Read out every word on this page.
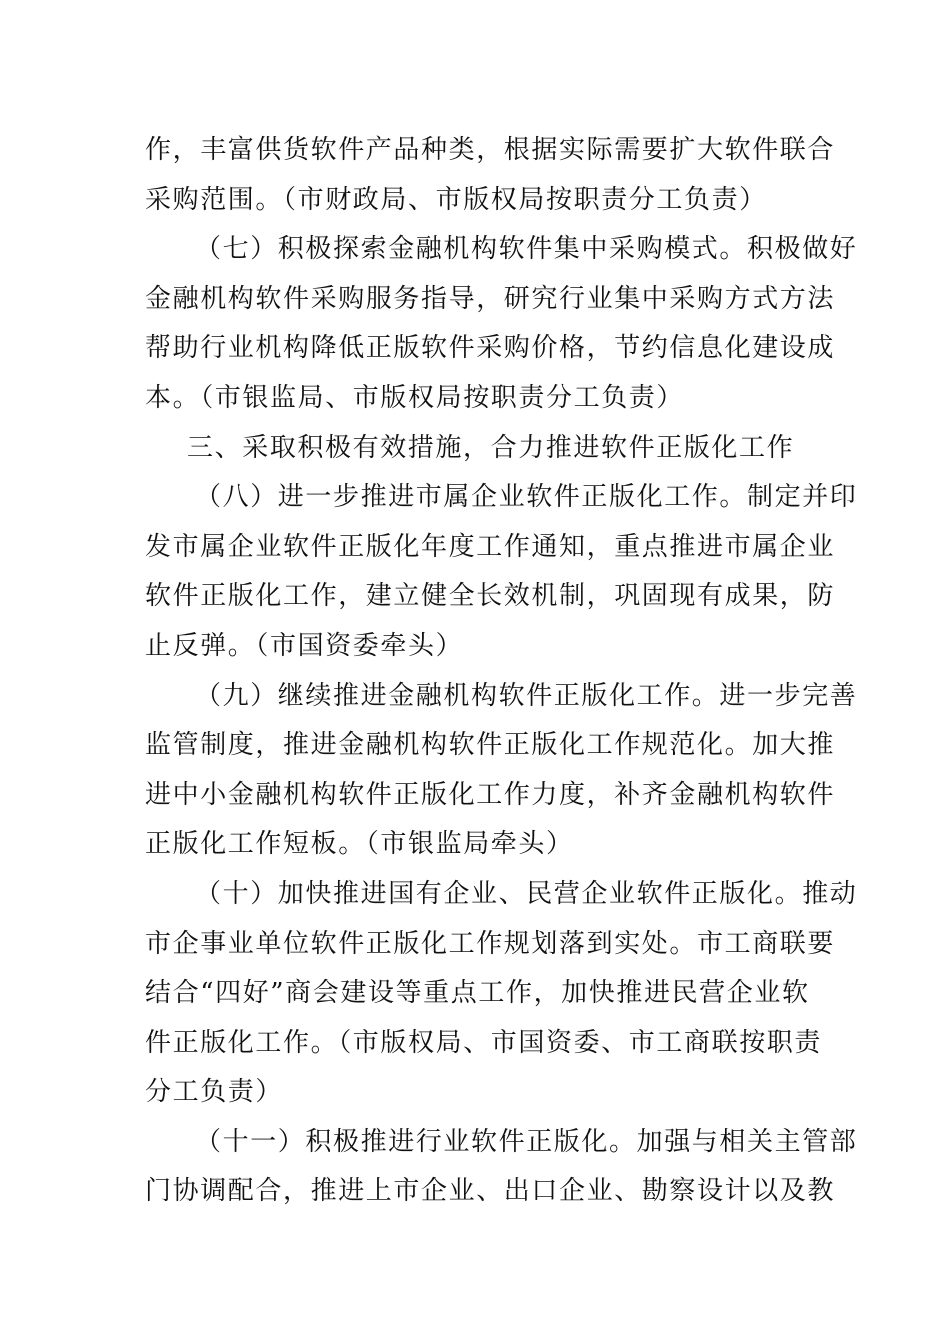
作，丰富供货软件产品种类，根据实际需要扩大软件联合
采购范围。（市财政局、市版权局按职责分工负责）
（七）积极探索金融机构软件集中采购模式。积极做好
金融机构软件采购服务指导，研究行业集中采购方式方法
帮助行业机构降低正版软件采购价格，节约信息化建设成
本。（市银监局、市版权局按职责分工负责）
三、采取积极有效措施，合力推进软件正版化工作
（八）进一步推进市属企业软件正版化工作。制定并印
发市属企业软件正版化年度工作通知，重点推进市属企业
软件正版化工作，建立健全长效机制，巩固现有成果，防
止反弹。（市国资委牵头）
（九）继续推进金融机构软件正版化工作。进一步完善
监管制度，推进金融机构软件正版化工作规范化。加大推
进中小金融机构软件正版化工作力度，补齐金融机构软件
正版化工作短板。（市银监局牵头）
（十）加快推进国有企业、民营企业软件正版化。推动
市企事业单位软件正版化工作规划落到实处。市工商联要
结合“四好”商会建设等重点工作，加快推进民营企业软
件正版化工作。（市版权局、市国资委、市工商联按职责
分工负责）
（十一）积极推进行业软件正版化。加强与相关主管部
门协调配合，推进上市企业、出口企业、勘察设计以及教
